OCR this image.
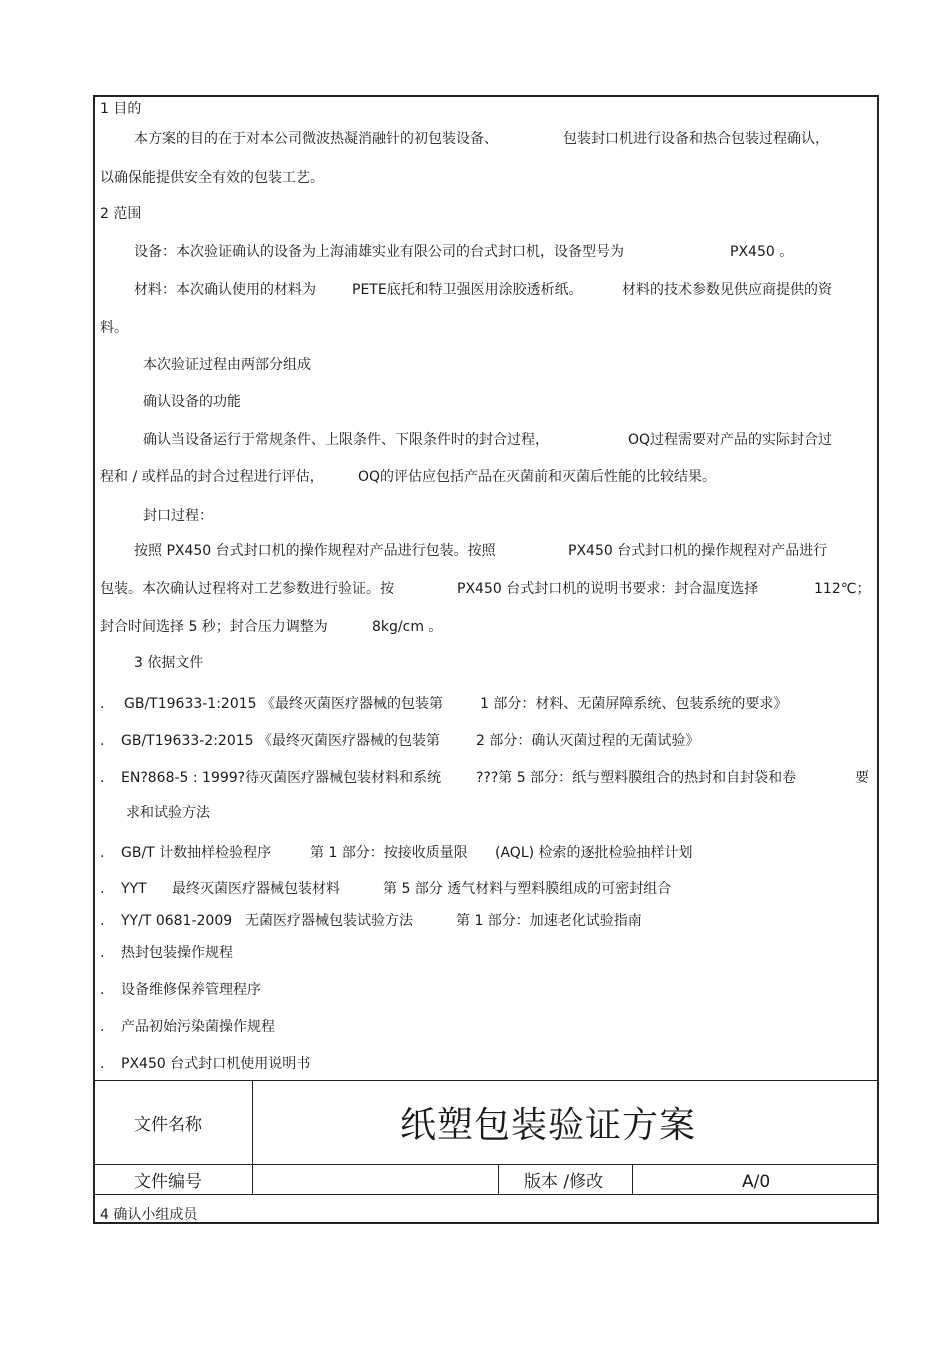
1 目的
本方案的目的在于对本公司微波热凝消融针的初包装设备、	包装封口机进行设备和热合包装过程确认，
以确保能提供安全有效的包装工艺。
2 范围
设备：本次验证确认的设备为上海浦雄实业有限公司的台式封口机，设备型号为	PX450 。
材料：本次确认使用的材料为	PETE底托和特卫强医用涂胶透析纸。	材料的技术参数见供应商提供的资
料。
本次验证过程由两部分组成
确认设备的功能
确认当设备运行于常规条件、上限条件、下限条件时的封合过程，	OQ过程需要对产品的实际封合过
程和 / 或样品的封合过程进行评估， OQ的评估应包括产品在灭菌前和灭菌后性能的比较结果。
封口过程：
按照 PX450 台式封口机的操作规程对产品进行包装。按照	PX450 台式封口机的操作规程对产品进行
包装。本次确认过程将对工艺参数进行验证。按	PX450 台式封口机的说明书要求：封合温度选择	112℃；
封合时间选择 5 秒；封合压力调整为	8kg/cm 。
3 依据文件
. GB/T19633-1:2015 《最终灭菌医疗器械的包装第	1 部分：材料、无菌屏障系统、包装系统的要求》
. GB/T19633-2:2015 《最终灭菌医疗器械的包装第	2 部分：确认灭菌过程的无菌试验》
. EN?868-5 : 1999?待灭菌医疗器械包装材料和系统 ???第 5 部分：纸与塑料膜组合的热封和自封袋和卷	要
求和试验方法
. GB/T 计数抽样检验程序	第 1 部分：按接收质量限 (AQL) 检索的逐批检验抽样计划
. YYT 最终灭菌医疗器械包装材料	第 5 部分 透气材料与塑料膜组成的可密封组合
. YY/T 0681-2009 无菌医疗器械包装试验方法	第 1 部分：加速老化试验指南
. 热封包装操作规程
. 设备维修保养管理程序
. 产品初始污染菌操作规程
. PX450 台式封口机使用说明书
文件名称	纸塑包装验证方案
文件编号	版本 /修改	A/0
4 确认小组成员
